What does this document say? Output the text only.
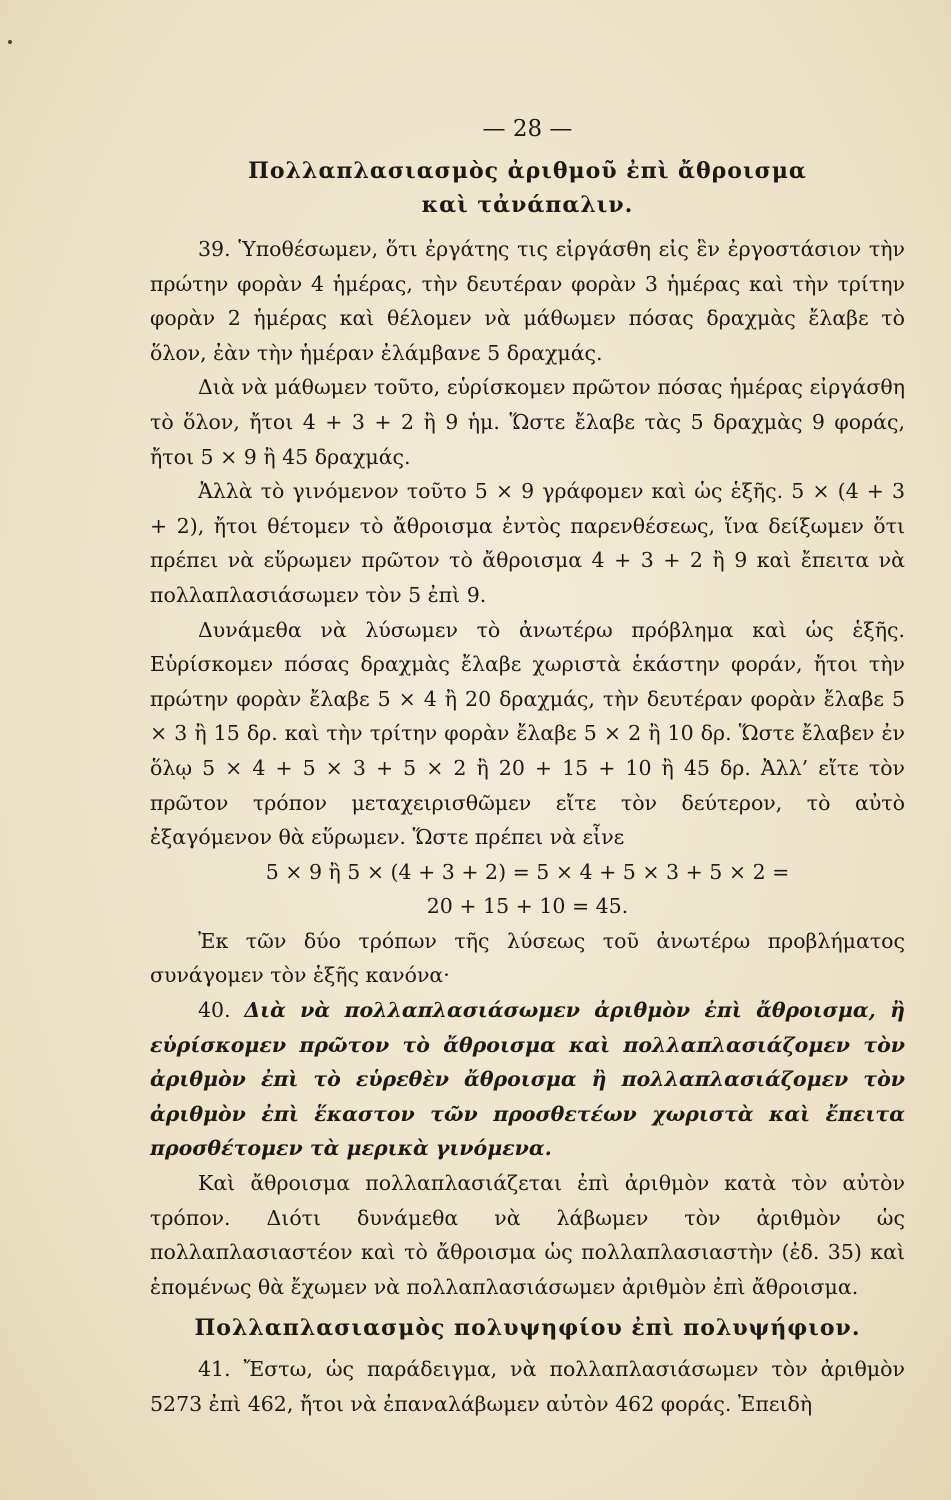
— 28 —
Πολλαπλασιασμὸς ἀριθμοῦ ἐπὶ ἄθροισμα
καὶ τἀνάπαλιν.

39. Ὑποθέσωμεν, ὅτι ἐργάτης τις εἰργάσθη εἰς ἓν ἐργοστάσιον τὴν πρώτην φορὰν 4 ἡμέρας, τὴν δευτέραν φορὰν 3 ἡμέρας καὶ τὴν τρίτην φορὰν 2 ἡμέρας καὶ θέλομεν νὰ μάθωμεν πόσας δραχμὰς ἔλαβε τὸ ὅλον, ἐὰν τὴν ἡμέραν ἐλάμβανε 5 δραχμάς.

Διὰ νὰ μάθωμεν τοῦτο, εὑρίσκομεν πρῶτον πόσας ἡμέρας εἰργάσθη τὸ ὅλον, ἤτοι 4 + 3 + 2 ἢ 9 ἡμ. Ὥστε ἔλαβε τὰς 5 δραχμὰς 9 φοράς, ἤτοι 5 × 9 ἢ 45 δραχμάς.

Ἀλλὰ τὸ γινόμενον τοῦτο 5 × 9 γράφομεν καὶ ὡς ἑξῆς. 5 × (4 + 3 + 2), ἤτοι θέτομεν τὸ ἄθροισμα ἐντὸς παρενθέσεως, ἵνα δείξωμεν ὅτι πρέπει νὰ εὕρωμεν πρῶτον τὸ ἄθροισμα 4 + 3 + 2 ἢ 9 καὶ ἔπειτα νὰ πολλαπλασιάσωμεν τὸν 5 ἐπὶ 9.

Δυνάμεθα νὰ λύσωμεν τὸ ἀνωτέρω πρόβλημα καὶ ὡς ἑξῆς. Εὑρίσκομεν πόσας δραχμὰς ἔλαβε χωριστὰ ἑκάστην φοράν, ἤτοι τὴν πρώτην φορὰν ἔλαβε 5 × 4 ἢ 20 δραχμάς, τὴν δευτέραν φορὰν ἔλαβε 5 × 3 ἢ 15 δρ. καὶ τὴν τρίτην φορὰν ἔλαβε 5 × 2 ἢ 10 δρ. Ὥστε ἔλαβεν ἐν ὅλῳ 5 × 4 + 5 × 3 + 5 × 2 ἢ 20 + 15 + 10 ἢ 45 δρ. Ἀλλ’ εἴτε τὸν πρῶτον τρόπον μεταχειρισθῶμεν εἴτε τὸν δεύτερον, τὸ αὐτὸ ἐξαγόμενον θὰ εὕρωμεν. Ὥστε πρέπει νὰ εἶνε

5 × 9 ἢ 5 × (4 + 3 + 2) = 5 × 4 + 5 × 3 + 5 × 2 =

20 + 15 + 10 = 45.

Ἐκ τῶν δύο τρόπων τῆς λύσεως τοῦ ἀνωτέρω προβλήματος συνάγομεν τὸν ἑξῆς κανόνα·

40. Διὰ νὰ πολλαπλασιάσωμεν ἀριθμὸν ἐπὶ ἄθροισμα, ἢ εὑρίσκομεν πρῶτον τὸ ἄθροισμα καὶ πολλαπλασιάζομεν τὸν ἀριθμὸν ἐπὶ τὸ εὑρεθὲν ἄθροισμα ἢ πολλαπλασιάζομεν τὸν ἀριθμὸν ἐπὶ ἕκαστον τῶν προσθετέων χωριστὰ καὶ ἔπειτα προσθέτομεν τὰ μερικὰ γινόμενα.

Καὶ ἄθροισμα πολλαπλασιάζεται ἐπὶ ἀριθμὸν κατὰ τὸν αὐτὸν τρόπον. Διότι δυνάμεθα νὰ λάβωμεν τὸν ἀριθμὸν ὡς πολλαπλασιαστέον καὶ τὸ ἄθροισμα ὡς πολλαπλασιαστὴν (ἐδ. 35) καὶ ἑπομένως θὰ ἔχωμεν νὰ πολλαπλασιάσωμεν ἀριθμὸν ἐπὶ ἄθροισμα.

Πολλαπλασιασμὸς πολυψηφίου ἐπὶ πολυψήφιον.

41. Ἔστω, ὡς παράδειγμα, νὰ πολλαπλασιάσωμεν τὸν ἀριθμὸν 5273 ἐπὶ 462, ἤτοι νὰ ἐπαναλάβωμεν αὐτὸν 462 φοράς. Ἐπειδὴ
